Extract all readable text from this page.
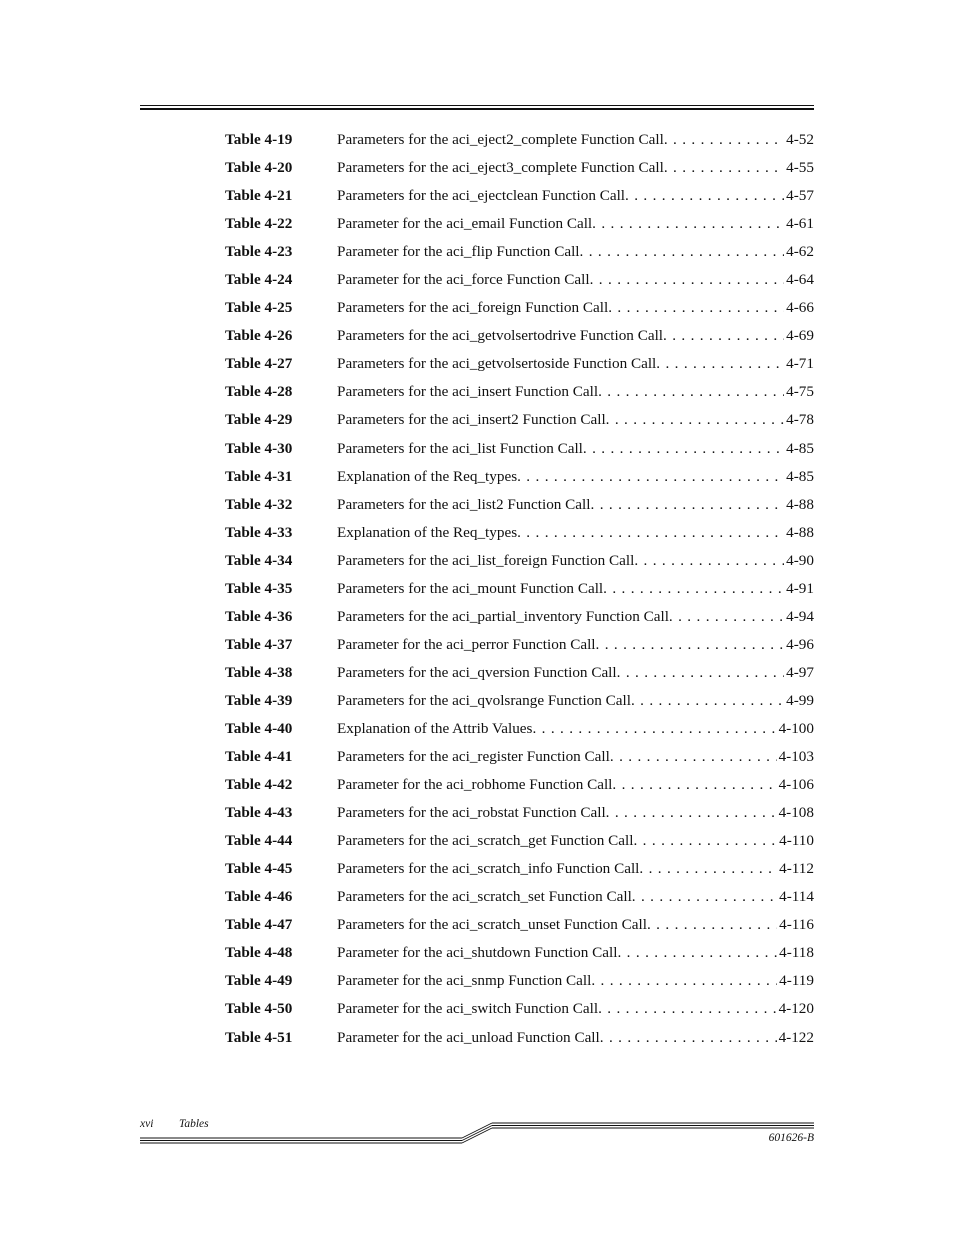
Table 4-19	Parameters for the aci_eject2_complete Function Call . . .	4-52
Table 4-20	Parameters for the aci_eject3_complete Function Call . . .	4-55
Table 4-21	Parameters for the aci_ejectclean Function Call . . .	4-57
Table 4-22	Parameter for the aci_email Function Call . . .	4-61
Table 4-23	Parameter for the aci_flip Function Call . . .	4-62
Table 4-24	Parameter for the aci_force Function Call . . .	4-64
Table 4-25	Parameters for the aci_foreign Function Call . . .	4-66
Table 4-26	Parameters for the aci_getvolsertodrive Function Call . . .	4-69
Table 4-27	Parameters for the aci_getvolsertoside Function Call . . .	4-71
Table 4-28	Parameters for the aci_insert Function Call . . .	4-75
Table 4-29	Parameters for the aci_insert2 Function Call . . .	4-78
Table 4-30	Parameters for the aci_list Function Call . . .	4-85
Table 4-31	Explanation of the Req_types . . .	4-85
Table 4-32	Parameters for the aci_list2 Function Call . . .	4-88
Table 4-33	Explanation of the Req_types . . .	4-88
Table 4-34	Parameters for the aci_list_foreign Function Call . . .	4-90
Table 4-35	Parameters for the aci_mount Function Call . . .	4-91
Table 4-36	Parameters for the aci_partial_inventory Function Call . . .	4-94
Table 4-37	Parameter for the aci_perror Function Call . . .	4-96
Table 4-38	Parameters for the aci_qversion Function Call . . .	4-97
Table 4-39	Parameters for the aci_qvolsrange Function Call . . .	4-99
Table 4-40	Explanation of the Attrib Values . . .	4-100
Table 4-41	Parameters for the aci_register Function Call . . .	4-103
Table 4-42	Parameter for the aci_robhome Function Call . . .	4-106
Table 4-43	Parameters for the aci_robstat Function Call . . .	4-108
Table 4-44	Parameters for the aci_scratch_get Function Call . . .	4-110
Table 4-45	Parameters for the aci_scratch_info Function Call . . .	4-112
Table 4-46	Parameters for the aci_scratch_set Function Call . . .	4-114
Table 4-47	Parameters for the aci_scratch_unset Function Call . . .	4-116
Table 4-48	Parameter for the aci_shutdown Function Call . . .	4-118
Table 4-49	Parameter for the aci_snmp Function Call . . .	4-119
Table 4-50	Parameter for the aci_switch Function Call . . .	4-120
Table 4-51	Parameter for the aci_unload Function Call . . .	4-122
xvi Tables
601626-B
